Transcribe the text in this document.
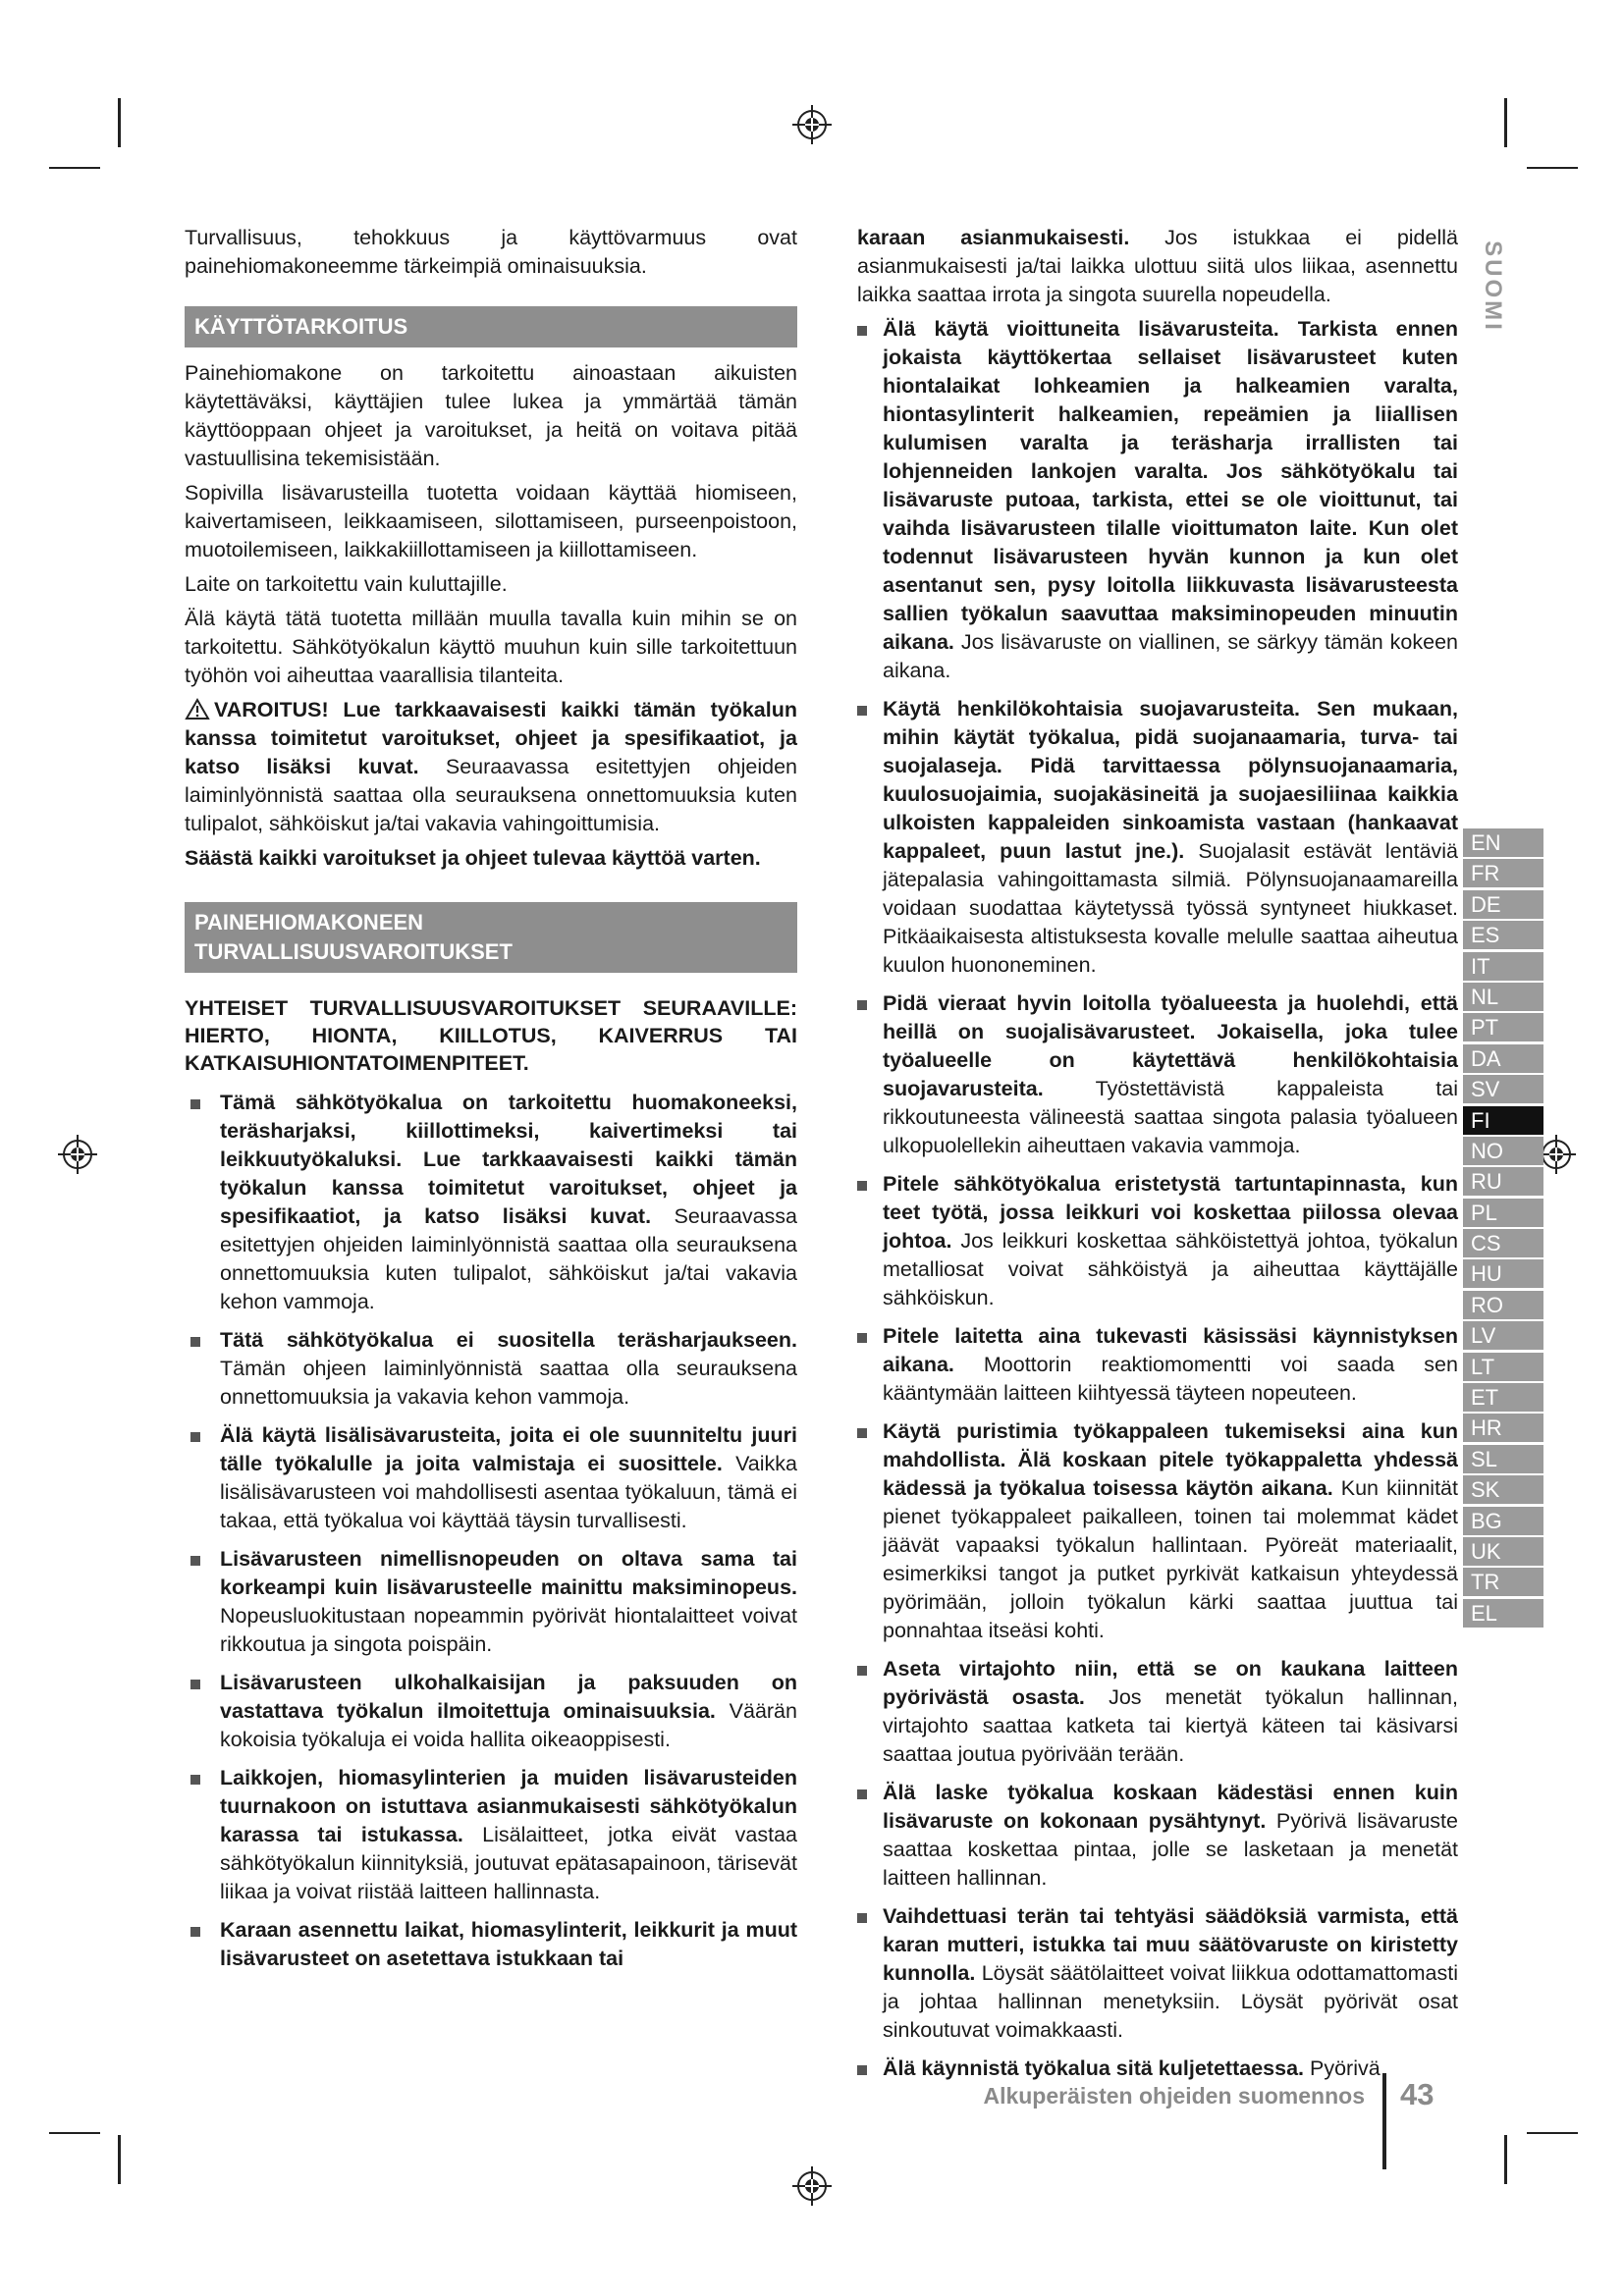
Turvallisuus, tehokkuus ja käyttövarmuus ovat painehiomakoneemme tärkeimpiä ominaisuuksia.

KÄYTTÖTARKOITUS

Painehiomakone on tarkoitettu ainoastaan aikuisten käytettäväksi, käyttäjien tulee lukea ja ymmärtää tämän käyttöoppaan ohjeet ja varoitukset, ja heitä on voitava pitää vastuullisina tekemisistään.

Sopivilla lisävarusteilla tuotetta voidaan käyttää hiomiseen, kaivertamiseen, leikkaamiseen, silottamiseen, purseenpoistoon, muotoilemiseen, laikkakiillottamiseen ja kiillottamiseen.

Laite on tarkoitettu vain kuluttajille.

Älä käytä tätä tuotetta millään muulla tavalla kuin mihin se on tarkoitettu. Sähkötyökalun käyttö muuhun kuin sille tarkoitettuun työhön voi aiheuttaa vaarallisia tilanteita.

VAROITUS! Lue tarkkaavaisesti kaikki tämän työkalun kanssa toimitetut varoitukset, ohjeet ja spesifikaatiot, ja katso lisäksi kuvat. Seuraavassa esitettyjen ohjeiden laiminlyönnistä saattaa olla seurauksena onnettomuuksia kuten tulipalot, sähköiskut ja/tai vakavia vahingoittumisia.

Säästä kaikki varoitukset ja ohjeet tulevaa käyttöä varten.

PAINEHIOMAKONEEN
TURVALLISUUSVAROITUKSET
YHTEISET TURVALLISUUSVAROITUKSET SEURAAVILLE: HIERTO, HIONTA, KIILLOTUS, KAIVERRUS TAI KATKAISUHIONTATOIMENPITEET.
Tämä sähkötyökalua on tarkoitettu huomakoneeksi, teräsharjaksi, kiillottimeksi, kaivertimeksi tai leikkuutyökaluksi. Lue tarkkaavaisesti kaikki tämän työkalun kanssa toimitetut varoitukset, ohjeet ja spesifikaatiot, ja katso lisäksi kuvat. Seuraavassa esitettyjen ohjeiden laiminlyönnistä saattaa olla seurauksena onnettomuuksia kuten tulipalot, sähköiskut ja/tai vakavia kehon vammoja.
Tätä sähkötyökalua ei suositella teräsharjaukseen. Tämän ohjeen laiminlyönnistä saattaa olla seurauksena onnettomuuksia ja vakavia kehon vammoja.
Älä käytä lisälisävarusteita, joita ei ole suunniteltu juuri tälle työkalulle ja joita valmistaja ei suosittele. Vaikka lisälisävarusteen voi mahdollisesti asentaa työkaluun, tämä ei takaa, että työkalua voi käyttää täysin turvallisesti.
Lisävarusteen nimellisnopeuden on oltava sama tai korkeampi kuin lisävarusteelle mainittu maksiminopeus. Nopeusluokitustaan nopeammin pyörivät hiontalaitteet voivat rikkoutua ja singota poispäin.
Lisävarusteen ulkohalkaisijan ja paksuuden on vastattava työkalun ilmoitettuja ominaisuuksia. Väärän kokoisia työkaluja ei voida hallita oikeaoppisesti.
Laikkojen, hiomasylinterien ja muiden lisävarusteiden tuurnakoon on istuttava asianmukaisesti sähkötyökalun karassa tai istukassa. Lisälaitteet, jotka eivät vastaa sähkötyökalun kiinnityksiä, joutuvat epätasapainoon, tärisevät liikaa ja voivat riistää laitteen hallinnasta.
Karaan asennettu laikat, hiomasylinterit, leikkurit ja muut lisävarusteet on asetettava istukkaan tai

karaan asianmukaisesti. Jos istukkaa ei pidellä asianmukaisesti ja/tai laikka ulottuu siitä ulos liikaa, asennettu laikka saattaa irrota ja singota suurella nopeudella.

Älä käytä vioittuneita lisävarusteita. Tarkista ennen jokaista käyttökertaa sellaiset lisävarusteet kuten hiontalaikat lohkeamien ja halkeamien varalta, hiontasylinterit halkeamien, repeämien ja liiallisen kulumisen varalta ja teräsharja irrallisten tai lohjenneiden lankojen varalta. Jos sähkötyökalu tai lisävaruste putoaa, tarkista, ettei se ole vioittunut, tai vaihda lisävarusteen tilalle vioittumaton laite. Kun olet todennut lisävarusteen hyvän kunnon ja kun olet asentanut sen, pysy loitolla liikkuvasta lisävarusteesta sallien työkalun saavuttaa maksiminopeuden minuutin aikana. Jos lisävaruste on viallinen, se särkyy tämän kokeen aikana.
Käytä henkilökohtaisia suojavarusteita. Sen mukaan, mihin käytät työkalua, pidä suojanaamaria, turva- tai suojalaseja. Pidä tarvittaessa pölynsuojanaamaria, kuulosuojaimia, suojakäsineitä ja suojaesiliinaa kaikkia ulkoisten kappaleiden sinkoamista vastaan (hankaavat kappaleet, puun lastut jne.). Suojalasit estävät lentäviä jätepalasia vahingoittamasta silmiä. Pölynsuojanaamareilla voidaan suodattaa käytetyssä työssä syntyneet hiukkaset. Pitkäaikaisesta altistuksesta kovalle melulle saattaa aiheutua kuulon huononeminen.
Pidä vieraat hyvin loitolla työalueesta ja huolehdi, että heillä on suojalisävarusteet. Jokaisella, joka tulee työalueelle on käytettävä henkilökohtaisia suojavarusteita. Työstettävistä kappaleista tai rikkoutuneesta välineestä saattaa singota palasia työalueen ulkopuolellekin aiheuttaen vakavia vammoja.
Pitele sähkötyökalua eristetystä tartuntapinnasta, kun teet työtä, jossa leikkuri voi koskettaa piilossa olevaa johtoa. Jos leikkuri koskettaa sähköistettyä johtoa, työkalun metalliosat voivat sähköistyä ja aiheuttaa käyttäjälle sähköiskun.
Pitele laitetta aina tukevasti käsissäsi käynnistyksen aikana. Moottorin reaktiomomentti voi saada sen kääntymään laitteen kiihtyessä täyteen nopeuteen.
Käytä puristimia työkappaleen tukemiseksi aina kun mahdollista. Älä koskaan pitele työkappaletta yhdessä kädessä ja työkalua toisessa käytön aikana. Kun kiinnität pienet työkappaleet paikalleen, toinen tai molemmat kädet jäävät vapaaksi työkalun hallintaan. Pyöreät materiaalit, esimerkiksi tangot ja putket pyrkivät katkaisun yhteydessä pyörimään, jolloin työkalun kärki saattaa juuttua tai ponnahtaa itseäsi kohti.
Aseta virtajohto niin, että se on kaukana laitteen pyörivästä osasta. Jos menetät työkalun hallinnan, virtajohto saattaa katketa tai kiertyä käteen tai käsivarsi saattaa joutua pyörivään terään.
Älä laske työkalua koskaan kädestäsi ennen kuin lisävaruste on kokonaan pysähtynyt. Pyörivä lisävaruste saattaa koskettaa pintaa, jolle se lasketaan ja menetät laitteen hallinnan.
Vaihdettuasi terän tai tehtyäsi säädöksiä varmista, että karan mutteri, istukka tai muu säätövaruste on kiristetty kunnolla. Löysät säätölaitteet voivat liikkua odottamattomasti ja johtaa hallinnan menetyksiin. Löysät pyörivät osat sinkoutuvat voimakkaasti.
Älä käynnistä työkalua sitä kuljetettaessa. Pyörivä
SUOMI
EN
FR
DE
ES
IT
NL
PT
DA
SV
FI
NO
RU
PL
CS
HU
RO
LV
LT
ET
HR
SL
SK
BG
UK
TR
EL
Alkuperäisten ohjeiden suomennos 43
